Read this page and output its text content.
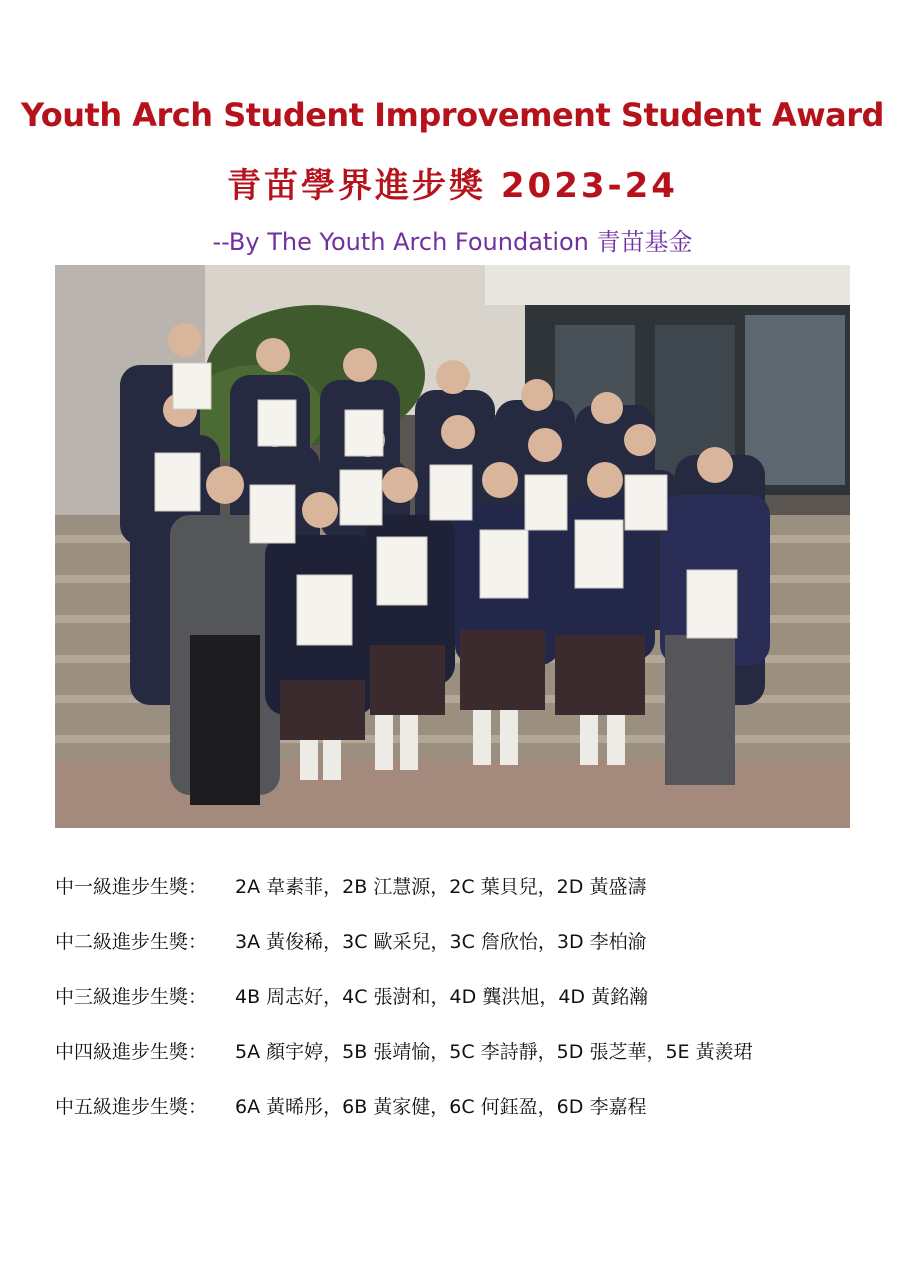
Youth Arch Student Improvement Student Award
青苗學界進步獎 2023-24
--By The Youth Arch Foundation 青苗基金
中一級進步生獎：	2A 韋素菲，2B 江慧源，2C 葉貝兒，2D 黃盛濤
中二級進步生獎：	3A 黃俊稀，3C 歐采兒，3C 詹欣怡，3D 李柏渝
中三級進步生獎：	4B 周志好，4C 張澍和，4D 龔洪旭，4D 黃銘瀚
中四級進步生獎：	5A 顏宇婷，5B 張靖愉，5C 李詩靜，5D 張芝華，5E 黃羨珺
中五級進步生獎：	6A 黃晞彤，6B 黃家健，6C 何鈺盈，6D 李嘉程
